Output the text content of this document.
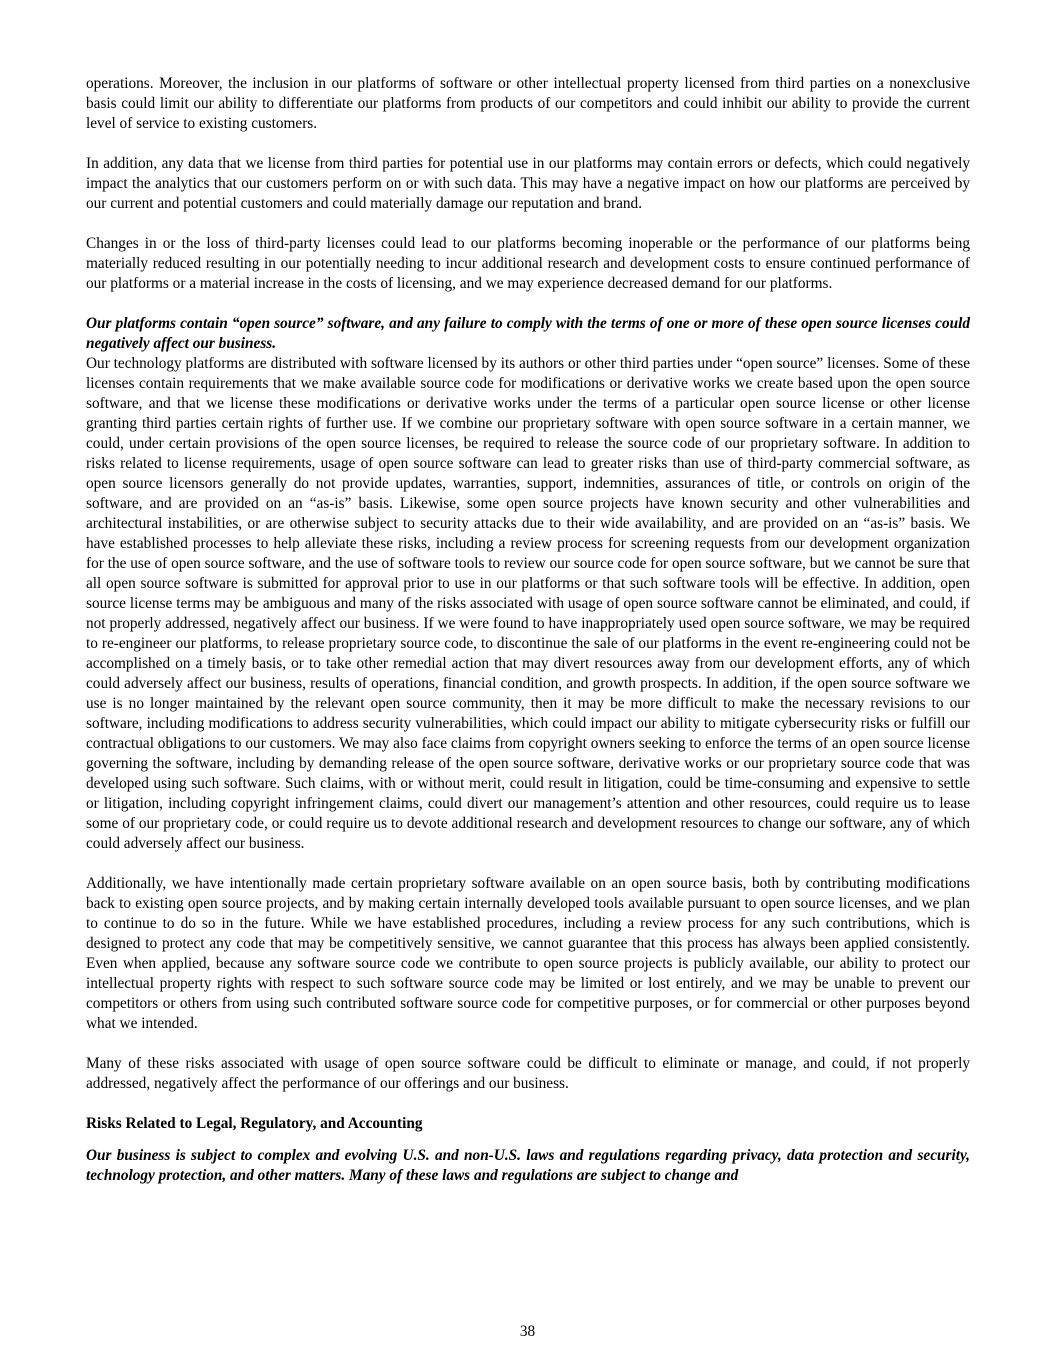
operations. Moreover, the inclusion in our platforms of software or other intellectual property licensed from third parties on a nonexclusive basis could limit our ability to differentiate our platforms from products of our competitors and could inhibit our ability to provide the current level of service to existing customers.

In addition, any data that we license from third parties for potential use in our platforms may contain errors or defects, which could negatively impact the analytics that our customers perform on or with such data. This may have a negative impact on how our platforms are perceived by our current and potential customers and could materially damage our reputation and brand.

Changes in or the loss of third-party licenses could lead to our platforms becoming inoperable or the performance of our platforms being materially reduced resulting in our potentially needing to incur additional research and development costs to ensure continued performance of our platforms or a material increase in the costs of licensing, and we may experience decreased demand for our platforms.

Our platforms contain “open source” software, and any failure to comply with the terms of one or more of these open source licenses could negatively affect our business.

Our technology platforms are distributed with software licensed by its authors or other third parties under “open source” licenses. Some of these licenses contain requirements that we make available source code for modifications or derivative works we create based upon the open source software, and that we license these modifications or derivative works under the terms of a particular open source license or other license granting third parties certain rights of further use. If we combine our proprietary software with open source software in a certain manner, we could, under certain provisions of the open source licenses, be required to release the source code of our proprietary software. In addition to risks related to license requirements, usage of open source software can lead to greater risks than use of third-party commercial software, as open source licensors generally do not provide updates, warranties, support, indemnities, assurances of title, or controls on origin of the software, and are provided on an “as-is” basis. Likewise, some open source projects have known security and other vulnerabilities and architectural instabilities, or are otherwise subject to security attacks due to their wide availability, and are provided on an “as-is” basis. We have established processes to help alleviate these risks, including a review process for screening requests from our development organization for the use of open source software, and the use of software tools to review our source code for open source software, but we cannot be sure that all open source software is submitted for approval prior to use in our platforms or that such software tools will be effective. In addition, open source license terms may be ambiguous and many of the risks associated with usage of open source software cannot be eliminated, and could, if not properly addressed, negatively affect our business. If we were found to have inappropriately used open source software, we may be required to re-engineer our platforms, to release proprietary source code, to discontinue the sale of our platforms in the event re-engineering could not be accomplished on a timely basis, or to take other remedial action that may divert resources away from our development efforts, any of which could adversely affect our business, results of operations, financial condition, and growth prospects. In addition, if the open source software we use is no longer maintained by the relevant open source community, then it may be more difficult to make the necessary revisions to our software, including modifications to address security vulnerabilities, which could impact our ability to mitigate cybersecurity risks or fulfill our contractual obligations to our customers. We may also face claims from copyright owners seeking to enforce the terms of an open source license governing the software, including by demanding release of the open source software, derivative works or our proprietary source code that was developed using such software. Such claims, with or without merit, could result in litigation, could be time-consuming and expensive to settle or litigation, including copyright infringement claims, could divert our management’s attention and other resources, could require us to lease some of our proprietary code, or could require us to devote additional research and development resources to change our software, any of which could adversely affect our business.

Additionally, we have intentionally made certain proprietary software available on an open source basis, both by contributing modifications back to existing open source projects, and by making certain internally developed tools available pursuant to open source licenses, and we plan to continue to do so in the future. While we have established procedures, including a review process for any such contributions, which is designed to protect any code that may be competitively sensitive, we cannot guarantee that this process has always been applied consistently. Even when applied, because any software source code we contribute to open source projects is publicly available, our ability to protect our intellectual property rights with respect to such software source code may be limited or lost entirely, and we may be unable to prevent our competitors or others from using such contributed software source code for competitive purposes, or for commercial or other purposes beyond what we intended.

Many of these risks associated with usage of open source software could be difficult to eliminate or manage, and could, if not properly addressed, negatively affect the performance of our offerings and our business.

Risks Related to Legal, Regulatory, and Accounting

Our business is subject to complex and evolving U.S. and non-U.S. laws and regulations regarding privacy, data protection and security, technology protection, and other matters. Many of these laws and regulations are subject to change and

38
